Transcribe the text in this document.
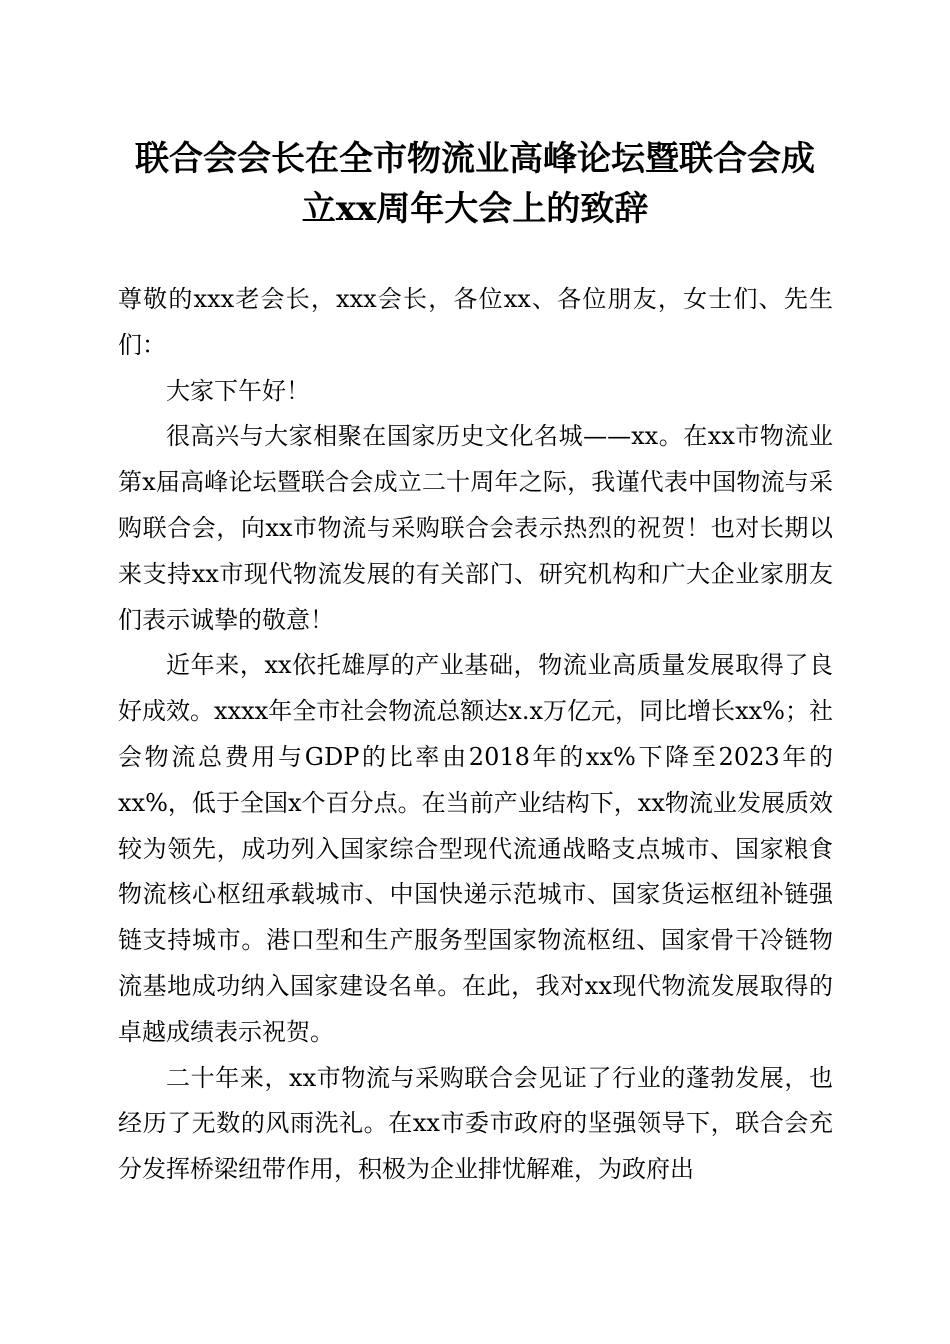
联合会会长在全市物流业高峰论坛暨联合会成
立xx周年大会上的致辞

尊敬的xxx老会长，xxx会长，各位xx、各位朋友，女士们、先生们：

大家下午好！

很高兴与大家相聚在国家历史文化名城——xx。在xx市物流业第x届高峰论坛暨联合会成立二十周年之际，我谨代表中国物流与采购联合会，向xx市物流与采购联合会表示热烈的祝贺！也对长期以来支持xx市现代物流发展的有关部门、研究机构和广大企业家朋友们表示诚挚的敬意！

近年来，xx依托雄厚的产业基础，物流业高质量发展取得了良好成效。xxxx年全市社会物流总额达x.x万亿元，同比增长xx%；社会物流总费用与GDP的比率由2018年的xx%下降至2023年的xx%，低于全国x个百分点。在当前产业结构下，xx物流业发展质效较为领先，成功列入国家综合型现代流通战略支点城市、国家粮食物流核心枢纽承载城市、中国快递示范城市、国家货运枢纽补链强链支持城市。港口型和生产服务型国家物流枢纽、国家骨干冷链物流基地成功纳入国家建设名单。在此，我对xx现代物流发展取得的卓越成绩表示祝贺。

二十年来，xx市物流与采购联合会见证了行业的蓬勃发展，也经历了无数的风雨洗礼。在xx市委市政府的坚强领导下，联合会充分发挥桥梁纽带作用，积极为企业排忧解难，为政府出
